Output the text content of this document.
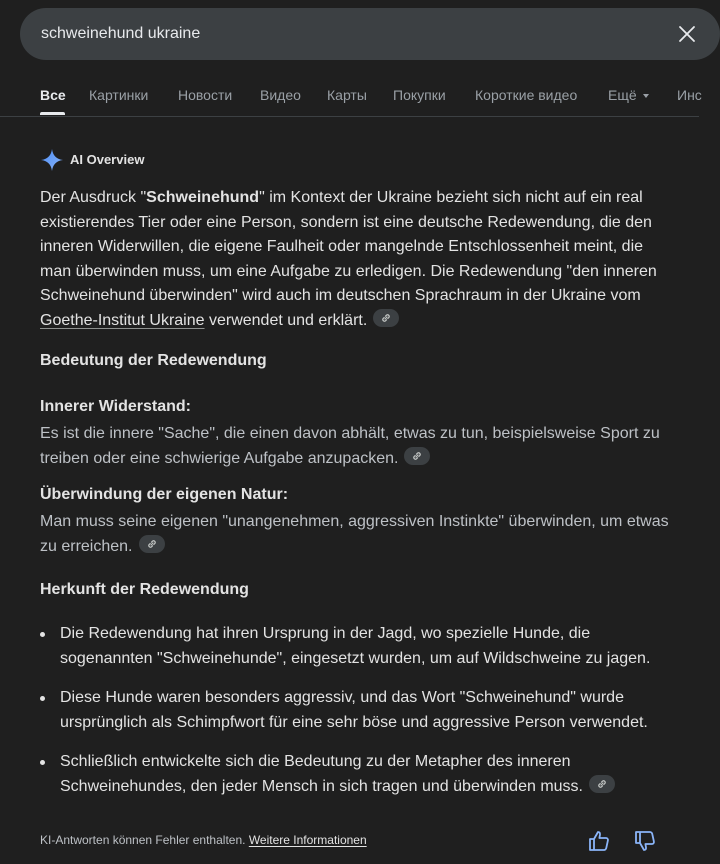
schweinehund ukraine
Все Картинки Новости Видео Карты Покупки Короткие видео Ещё	Инс
AI Overview

Der Ausdruck "Schweinehund" im Kontext der Ukraine bezieht sich nicht auf ein real existierendes Tier oder eine Person, sondern ist eine deutsche Redewendung, die den inneren Widerwillen, die eigene Faulheit oder mangelnde Entschlossenheit meint, die man überwinden muss, um eine Aufgabe zu erledigen. Die Redewendung "den inneren Schweinehund überwinden" wird auch im deutschen Sprachraum in der Ukraine vom Goethe-Institut Ukraine verwendet und erklärt.

Bedeutung der Redewendung
Innerer Widerstand:
Es ist die innere "Sache", die einen davon abhält, etwas zu tun, beispielsweise Sport zu treiben oder eine schwierige Aufgabe anzupacken.
Überwindung der eigenen Natur:
Man muss seine eigenen "unangenehmen, aggressiven Instinkte" überwinden, um etwas zu erreichen.
Herkunft der Redewendung
Die Redewendung hat ihren Ursprung in der Jagd, wo spezielle Hunde, die sogenannten "Schweinehunde", eingesetzt wurden, um auf Wildschweine zu jagen.
Diese Hunde waren besonders aggressiv, und das Wort "Schweinehund" wurde ursprünglich als Schimpfwort für eine sehr böse und aggressive Person verwendet.
Schließlich entwickelte sich die Bedeutung zu der Metapher des inneren Schweinehundes, den jeder Mensch in sich tragen und überwinden muss.
KI-Antworten können Fehler enthalten. Weitere Informationen
